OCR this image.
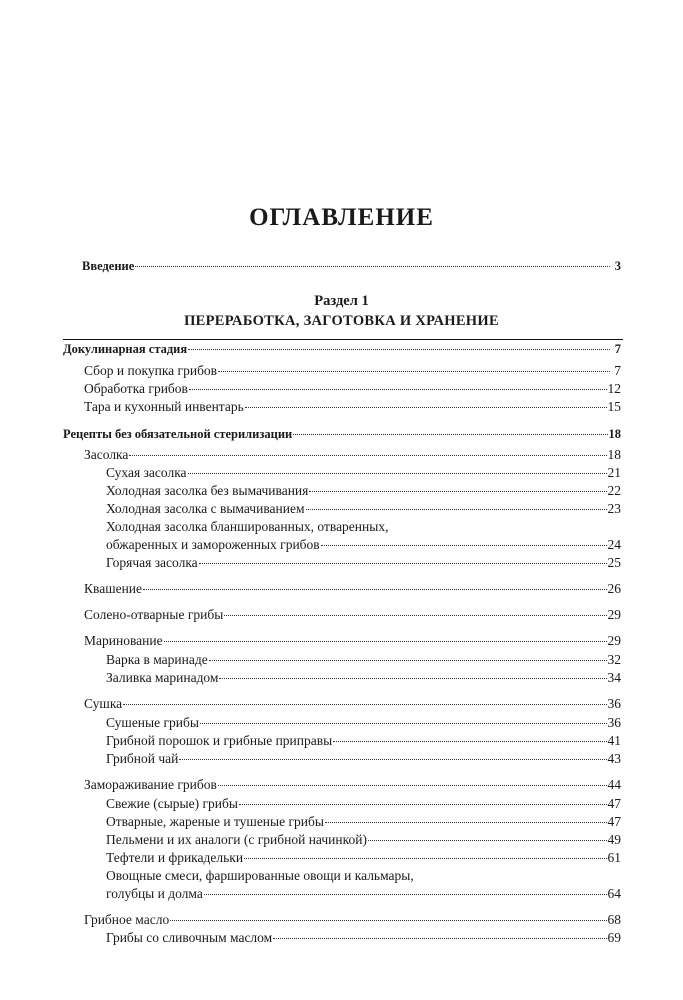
ОГЛАВЛЕНИЕ
Введение	3
Раздел 1
ПЕРЕРАБОТКА, ЗАГОТОВКА И ХРАНЕНИЕ
Докулинарная стадия	7
Сбор и покупка грибов	7
Обработка грибов	12
Тара и кухонный инвентарь	15
Рецепты без обязательной стерилизации	18
Засолка	18
Сухая засолка	21
Холодная засолка без вымачивания	22
Холодная засолка с вымачиванием	23
Холодная засолка бланшированных, отваренных,
обжаренных и замороженных грибов	24
Горячая засолка	25
Квашение	26
Солено-отварные грибы	29
Маринование	29
Варка в маринаде	32
Заливка маринадом	34
Сушка	36
Сушеные грибы	36
Грибной порошок и грибные приправы	41
Грибной чай	43
Замораживание грибов	44
Свежие (сырые) грибы	47
Отварные, жареные и тушеные грибы	47
Пельмени и их аналоги (с грибной начинкой)	49
Тефтели и фрикадельки	61
Овощные смеси, фаршированные овощи и кальмары,
голубцы и долма	64
Грибное масло	68
Грибы со сливочным маслом	69
